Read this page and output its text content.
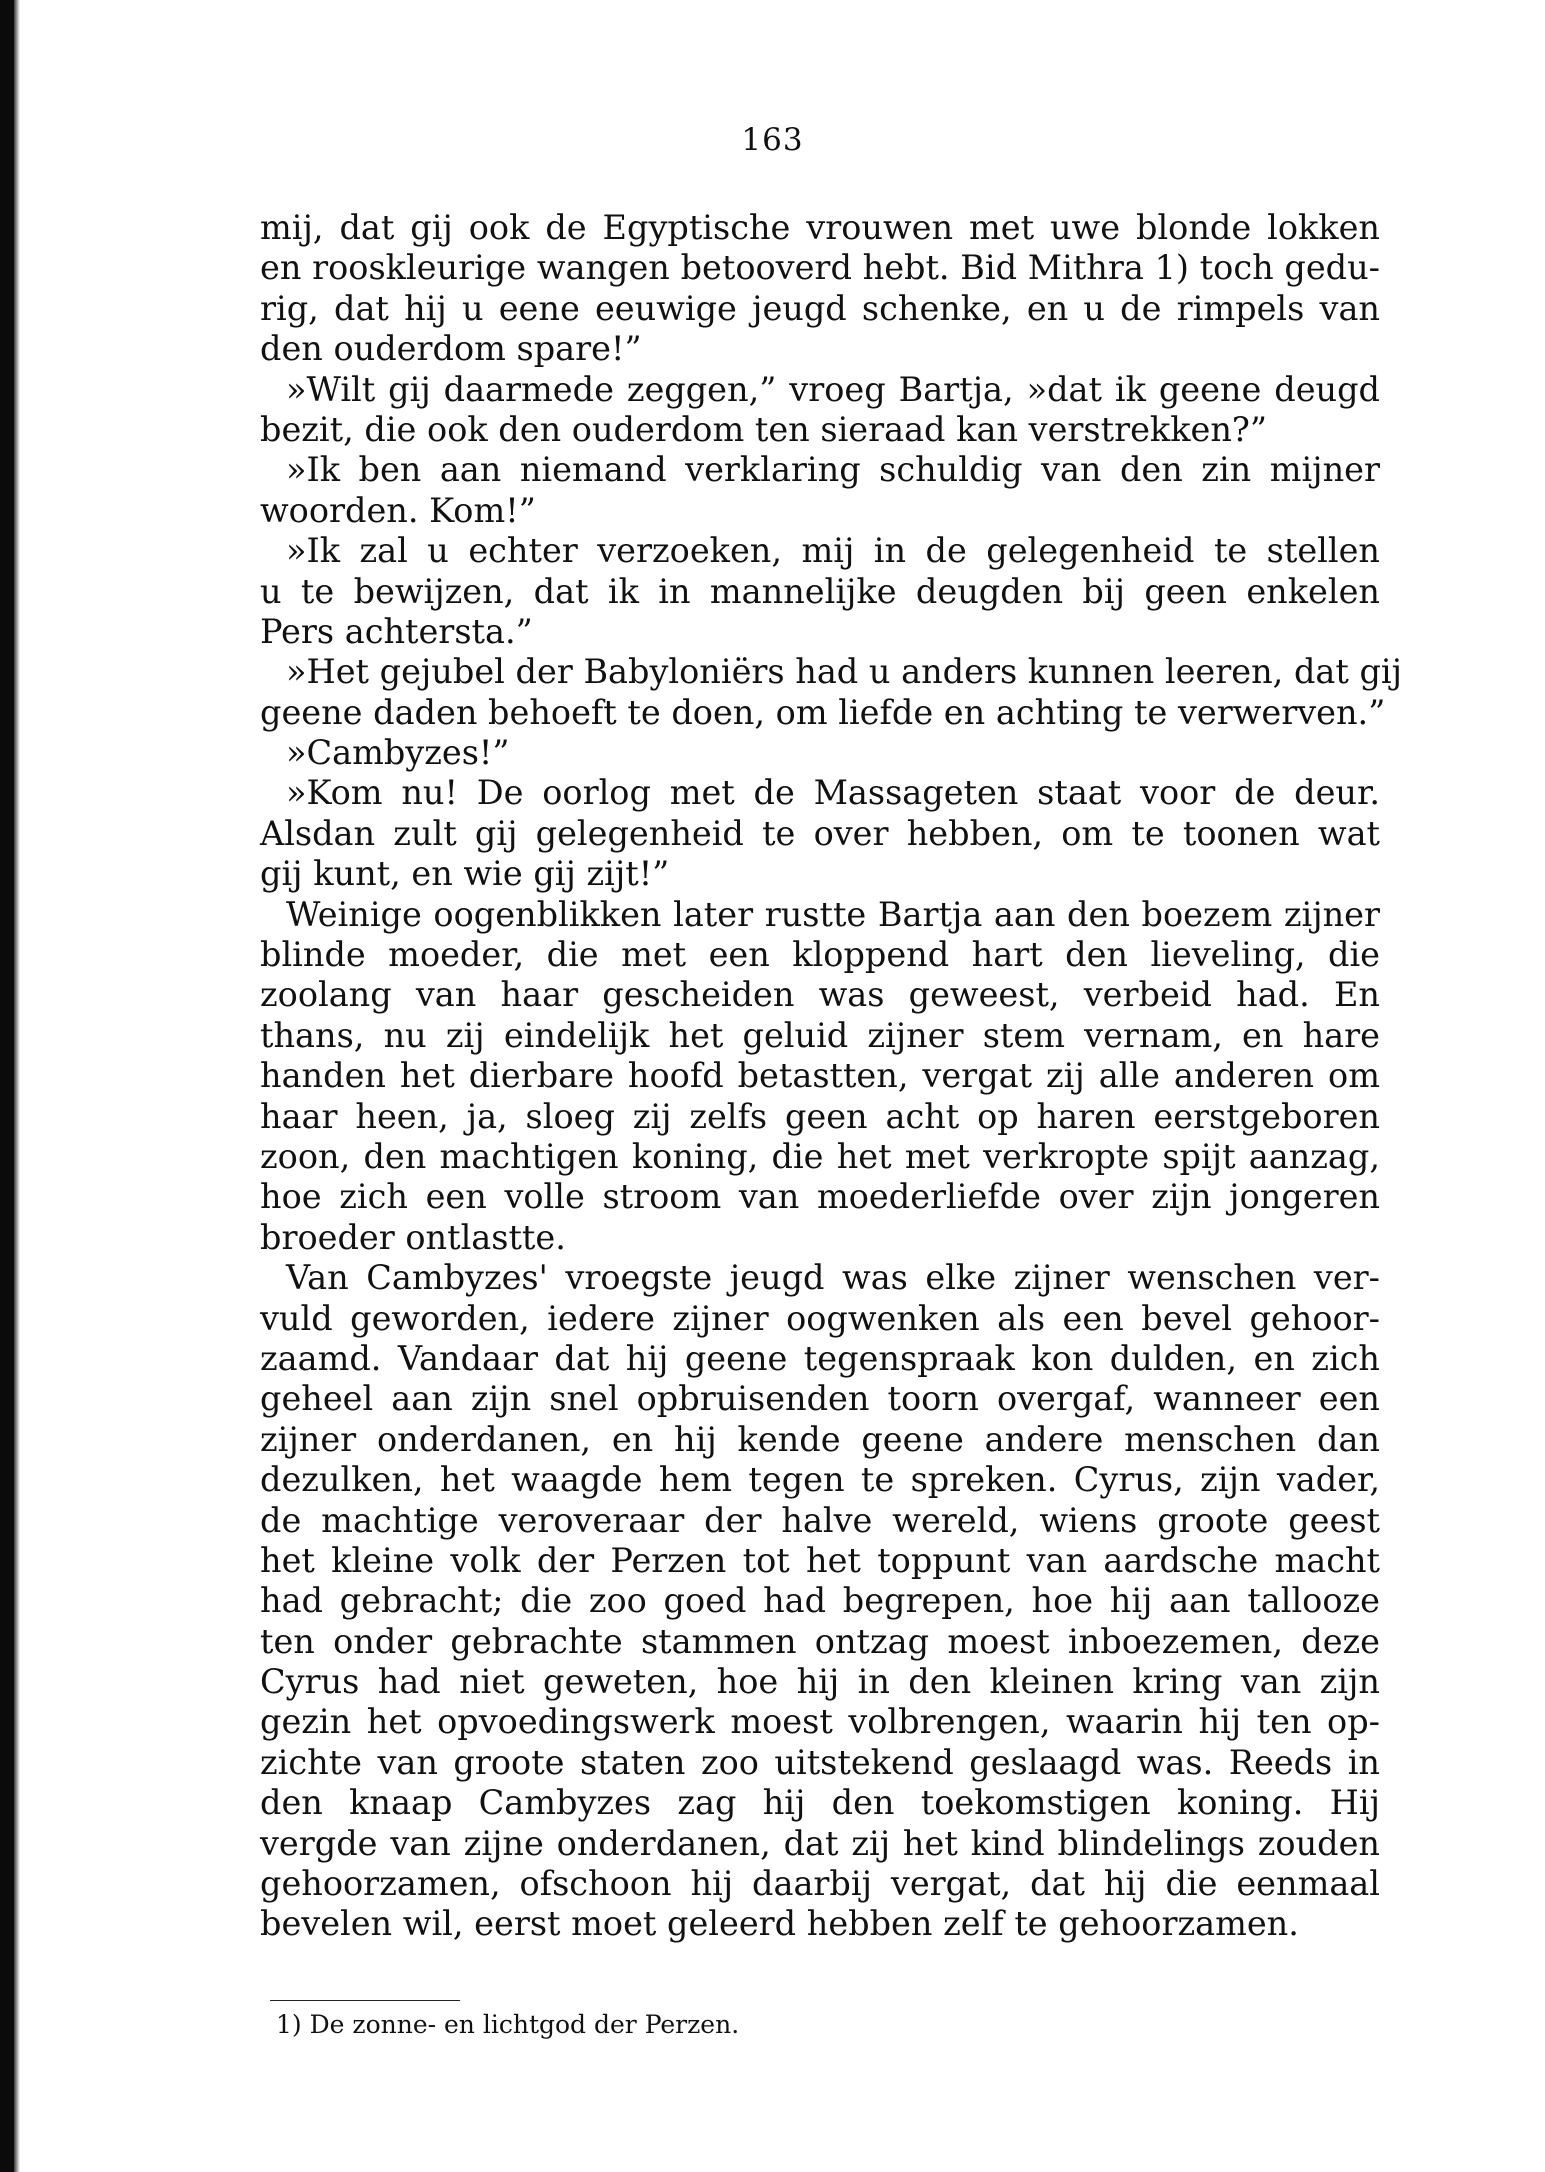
163
mij, dat gij ook de Egyptische vrouwen met uwe blonde lokken
en rooskleurige wangen betooverd hebt. Bid Mithra 1) toch gedu-
rig, dat hij u eene eeuwige jeugd schenke, en u de rimpels van
den ouderdom spare!”
»Wilt gij daarmede zeggen,” vroeg Bartja, »dat ik geene deugd
bezit, die ook den ouderdom ten sieraad kan verstrekken?”
»Ik ben aan niemand verklaring schuldig van den zin mijner
woorden. Kom!”
»Ik zal u echter verzoeken, mij in de gelegenheid te stellen
u te bewijzen, dat ik in mannelijke deugden bij geen enkelen
Pers achtersta.”
»Het gejubel der Babyloniërs had u anders kunnen leeren, dat gij
geene daden behoeft te doen, om liefde en achting te verwerven.”
»Cambyzes!”
»Kom nu! De oorlog met de Massageten staat voor de deur.
Alsdan zult gij gelegenheid te over hebben, om te toonen wat
gij kunt, en wie gij zijt!”
Weinige oogenblikken later rustte Bartja aan den boezem zijner
blinde moeder, die met een kloppend hart den lieveling, die
zoolang van haar gescheiden was geweest, verbeid had. En
thans, nu zij eindelijk het geluid zijner stem vernam, en hare
handen het dierbare hoofd betastten, vergat zij alle anderen om
haar heen, ja, sloeg zij zelfs geen acht op haren eerstgeboren
zoon, den machtigen koning, die het met verkropte spijt aanzag,
hoe zich een volle stroom van moederliefde over zijn jongeren
broeder ontlastte.
Van Cambyzes' vroegste jeugd was elke zijner wenschen ver-
vuld geworden, iedere zijner oogwenken als een bevel gehoor-
zaamd. Vandaar dat hij geene tegenspraak kon dulden, en zich
geheel aan zijn snel opbruisenden toorn overgaf, wanneer een
zijner onderdanen, en hij kende geene andere menschen dan
dezulken, het waagde hem tegen te spreken. Cyrus, zijn vader,
de machtige veroveraar der halve wereld, wiens groote geest
het kleine volk der Perzen tot het toppunt van aardsche macht
had gebracht; die zoo goed had begrepen, hoe hij aan tallooze
ten onder gebrachte stammen ontzag moest inboezemen, deze
Cyrus had niet geweten, hoe hij in den kleinen kring van zijn
gezin het opvoedingswerk moest volbrengen, waarin hij ten op-
zichte van groote staten zoo uitstekend geslaagd was. Reeds in
den knaap Cambyzes zag hij den toekomstigen koning. Hij
vergde van zijne onderdanen, dat zij het kind blindelings zouden
gehoorzamen, ofschoon hij daarbij vergat, dat hij die eenmaal
bevelen wil, eerst moet geleerd hebben zelf te gehoorzamen.
1) De zonne- en lichtgod der Perzen.
